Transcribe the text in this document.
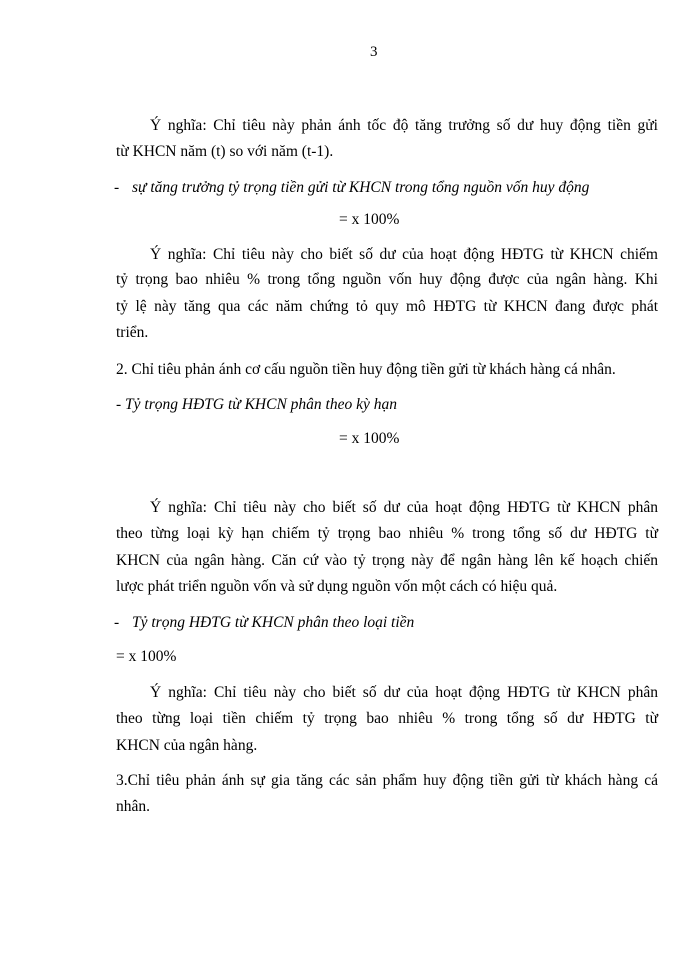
3
Ý nghĩa: Chỉ tiêu này phản ánh tốc độ tăng trưởng số dư huy động tiền gửi
từ KHCN năm (t) so với năm (t-1).
- sự tăng trưởng tỷ trọng tiền gửi từ KHCN trong tổng nguồn vốn huy động
= x 100%
Ý nghĩa: Chỉ tiêu này cho biết số dư của hoạt động HĐTG từ KHCN chiếm
tỷ trọng bao nhiêu % trong tổng nguồn vốn huy động được của ngân hàng. Khi
tỷ lệ này tăng qua các năm chứng tỏ quy mô HĐTG từ KHCN đang được phát
triển.
2. Chỉ tiêu phản ánh cơ cấu nguồn tiền huy động tiền gửi từ khách hàng cá nhân.
- Tỷ trọng HĐTG từ KHCN phân theo kỳ hạn
= x 100%
Ý nghĩa: Chỉ tiêu này cho biết số dư của hoạt động HĐTG từ KHCN phân
theo từng loại kỳ hạn chiếm tỷ trọng bao nhiêu % trong tổng số dư HĐTG từ
KHCN của ngân hàng. Căn cứ vào tỷ trọng này để ngân hàng lên kế hoạch chiến
lược phát triển nguồn vốn và sử dụng nguồn vốn một cách có hiệu quả.
- Tỷ trọng HĐTG từ KHCN phân theo loại tiền
= x 100%
Ý nghĩa: Chỉ tiêu này cho biết số dư của hoạt động HĐTG từ KHCN phân
theo từng loại tiền chiếm tỷ trọng bao nhiêu % trong tổng số dư HĐTG từ
KHCN của ngân hàng.
3.Chỉ tiêu phản ánh sự gia tăng các sản phẩm huy động tiền gửi từ khách hàng cá
nhân.
